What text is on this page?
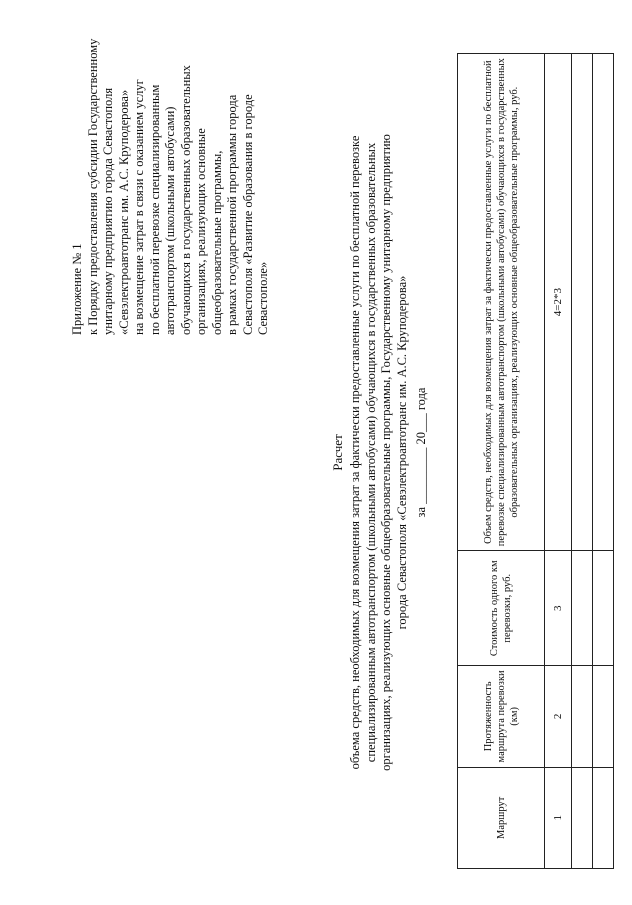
Приложение № 1 к Порядку предоставления субсидии Государственному унитарному предприятию города Севастополя «Севэлектроавтотранс им. А.С. Круподерова» на возмещение затрат в связи с оказанием услуг по бесплатной перевозке специализированным автотранспортом (школьными автобусами) обучающихся в государственных образовательных организациях, реализующих основные общеобразовательные программы, в рамках государственной программы города Севастополя «Развитие образования в городе Севастополе»
Расчет объема средств, необходимых для возмещения затрат за фактически предоставленные услуги по бесплатной перевозке специализированным автотранспортом (школьными автобусами) обучающихся в государственных образовательных организациях, реализующих основные общеобразовательные программы, Государственному унитарному предприятию города Севастополя «Севэлектроавтотранс им. А.С. Круподерова» за _________ 20___ года
Маршрут	Протяженность маршрута перевозки (км)	Стоимость одного км перевозки, руб.	Объем средств, необходимых для возмещения затрат за фактически предоставленные услуги по бесплатной перевозке специализированным автотранспортом (школьными автобусами) обучающихся в государственных образовательных организациях, реализующих основные общеобразовательные программы, руб.
1	2	3	4=2*3
